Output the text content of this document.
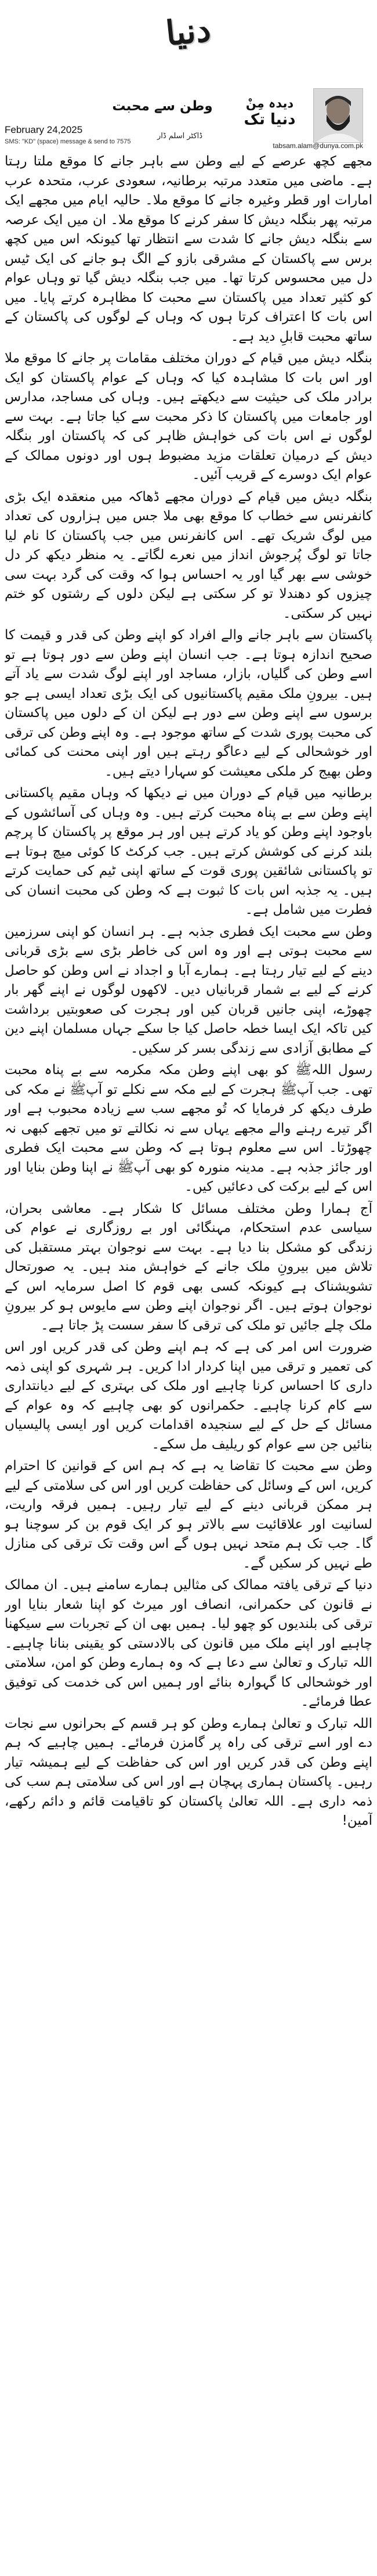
دنیا
دیدہ مِنْ
دنیا تک
وطن سے محبت
ڈاکٹر اسلم ڈار
February 24,2025
SMS: "KD" (space) message & send to 7575	tabsam.alam@dunya.com.pk

مجھے کچھ عرصے کے لیے وطن سے باہر جانے کا موقع ملتا رہتا ہے۔ ماضی میں متعدد مرتبہ برطانیہ، سعودی عرب، متحدہ عرب امارات اور قطر وغیرہ جانے کا موقع ملا۔ حالیہ ایام میں مجھے ایک مرتبہ پھر بنگلہ دیش کا سفر کرنے کا موقع ملا۔ ان میں ایک عرصہ سے بنگلہ دیش جانے کا شدت سے انتظار تھا کیونکہ اس میں کچھ برس سے پاکستان کے مشرقی بازو کے الگ ہو جانے کی ایک ٹیس دل میں محسوس کرتا تھا۔ میں جب بنگلہ دیش گیا تو وہاں عوام کو کثیر تعداد میں پاکستان سے محبت کا مظاہرہ کرتے پایا۔ میں اس بات کا اعتراف کرتا ہوں کہ وہاں کے لوگوں کی پاکستان کے ساتھ محبت قابلِ دید ہے۔

بنگلہ دیش میں قیام کے دوران مختلف مقامات پر جانے کا موقع ملا اور اس بات کا مشاہدہ کیا کہ وہاں کے عوام پاکستان کو ایک برادر ملک کی حیثیت سے دیکھتے ہیں۔ وہاں کی مساجد، مدارس اور جامعات میں پاکستان کا ذکر محبت سے کیا جاتا ہے۔ بہت سے لوگوں نے اس بات کی خواہش ظاہر کی کہ پاکستان اور بنگلہ دیش کے درمیان تعلقات مزید مضبوط ہوں اور دونوں ممالک کے عوام ایک دوسرے کے قریب آئیں۔

بنگلہ دیش میں قیام کے دوران مجھے ڈھاکہ میں منعقدہ ایک بڑی کانفرنس سے خطاب کا موقع بھی ملا جس میں ہزاروں کی تعداد میں لوگ شریک تھے۔ اس کانفرنس میں جب پاکستان کا نام لیا جاتا تو لوگ پُرجوش انداز میں نعرے لگاتے۔ یہ منظر دیکھ کر دل خوشی سے بھر گیا اور یہ احساس ہوا کہ وقت کی گرد بہت سی چیزوں کو دھندلا تو کر سکتی ہے لیکن دلوں کے رشتوں کو ختم نہیں کر سکتی۔

پاکستان سے باہر جانے والے افراد کو اپنے وطن کی قدر و قیمت کا صحیح اندازہ ہوتا ہے۔ جب انسان اپنے وطن سے دور ہوتا ہے تو اسے وطن کی گلیاں، بازار، مساجد اور اپنے لوگ شدت سے یاد آتے ہیں۔ بیرونِ ملک مقیم پاکستانیوں کی ایک بڑی تعداد ایسی ہے جو برسوں سے اپنے وطن سے دور ہے لیکن ان کے دلوں میں پاکستان کی محبت پوری شدت کے ساتھ موجود ہے۔ وہ اپنے وطن کی ترقی اور خوشحالی کے لیے دعاگو رہتے ہیں اور اپنی محنت کی کمائی وطن بھیج کر ملکی معیشت کو سہارا دیتے ہیں۔

برطانیہ میں قیام کے دوران میں نے دیکھا کہ وہاں مقیم پاکستانی اپنے وطن سے بے پناہ محبت کرتے ہیں۔ وہ وہاں کی آسائشوں کے باوجود اپنے وطن کو یاد کرتے ہیں اور ہر موقع پر پاکستان کا پرچم بلند کرنے کی کوشش کرتے ہیں۔ جب کرکٹ کا کوئی میچ ہوتا ہے تو پاکستانی شائقین پوری قوت کے ساتھ اپنی ٹیم کی حمایت کرتے ہیں۔ یہ جذبہ اس بات کا ثبوت ہے کہ وطن کی محبت انسان کی فطرت میں شامل ہے۔

وطن سے محبت ایک فطری جذبہ ہے۔ ہر انسان کو اپنی سرزمین سے محبت ہوتی ہے اور وہ اس کی خاطر بڑی سے بڑی قربانی دینے کے لیے تیار رہتا ہے۔ ہمارے آبا و اجداد نے اس وطن کو حاصل کرنے کے لیے بے شمار قربانیاں دیں۔ لاکھوں لوگوں نے اپنے گھر بار چھوڑے، اپنی جانیں قربان کیں اور ہجرت کی صعوبتیں برداشت کیں تاکہ ایک ایسا خطہ حاصل کیا جا سکے جہاں مسلمان اپنے دین کے مطابق آزادی سے زندگی بسر کر سکیں۔

رسول اللہﷺ کو بھی اپنے وطن مکہ مکرمہ سے بے پناہ محبت تھی۔ جب آپﷺ ہجرت کے لیے مکہ سے نکلے تو آپﷺ نے مکہ کی طرف دیکھ کر فرمایا کہ تُو مجھے سب سے زیادہ محبوب ہے اور اگر تیرے رہنے والے مجھے یہاں سے نہ نکالتے تو میں تجھے کبھی نہ چھوڑتا۔ اس سے معلوم ہوتا ہے کہ وطن سے محبت ایک فطری اور جائز جذبہ ہے۔ مدینہ منورہ کو بھی آپﷺ نے اپنا وطن بنایا اور اس کے لیے برکت کی دعائیں کیں۔

آج ہمارا وطن مختلف مسائل کا شکار ہے۔ معاشی بحران، سیاسی عدم استحکام، مہنگائی اور بے روزگاری نے عوام کی زندگی کو مشکل بنا دیا ہے۔ بہت سے نوجوان بہتر مستقبل کی تلاش میں بیرونِ ملک جانے کے خواہش مند ہیں۔ یہ صورتحال تشویشناک ہے کیونکہ کسی بھی قوم کا اصل سرمایہ اس کے نوجوان ہوتے ہیں۔ اگر نوجوان اپنے وطن سے مایوس ہو کر بیرونِ ملک چلے جائیں تو ملک کی ترقی کا سفر سست پڑ جاتا ہے۔

ضرورت اس امر کی ہے کہ ہم اپنے وطن کی قدر کریں اور اس کی تعمیر و ترقی میں اپنا کردار ادا کریں۔ ہر شہری کو اپنی ذمہ داری کا احساس کرنا چاہیے اور ملک کی بہتری کے لیے دیانتداری سے کام کرنا چاہیے۔ حکمرانوں کو بھی چاہیے کہ وہ عوام کے مسائل کے حل کے لیے سنجیدہ اقدامات کریں اور ایسی پالیسیاں بنائیں جن سے عوام کو ریلیف مل سکے۔

وطن سے محبت کا تقاضا یہ ہے کہ ہم اس کے قوانین کا احترام کریں، اس کے وسائل کی حفاظت کریں اور اس کی سلامتی کے لیے ہر ممکن قربانی دینے کے لیے تیار رہیں۔ ہمیں فرقہ واریت، لسانیت اور علاقائیت سے بالاتر ہو کر ایک قوم بن کر سوچنا ہو گا۔ جب تک ہم متحد نہیں ہوں گے اس وقت تک ترقی کی منازل طے نہیں کر سکیں گے۔

دنیا کے ترقی یافتہ ممالک کی مثالیں ہمارے سامنے ہیں۔ ان ممالک نے قانون کی حکمرانی، انصاف اور میرٹ کو اپنا شعار بنایا اور ترقی کی بلندیوں کو چھو لیا۔ ہمیں بھی ان کے تجربات سے سیکھنا چاہیے اور اپنے ملک میں قانون کی بالادستی کو یقینی بنانا چاہیے۔ اللہ تبارک و تعالیٰ سے دعا ہے کہ وہ ہمارے وطن کو امن، سلامتی اور خوشحالی کا گہوارہ بنائے اور ہمیں اس کی خدمت کی توفیق عطا فرمائے۔

اللہ تبارک و تعالیٰ ہمارے وطن کو ہر قسم کے بحرانوں سے نجات دے اور اسے ترقی کی راہ پر گامزن فرمائے۔ ہمیں چاہیے کہ ہم اپنے وطن کی قدر کریں اور اس کی حفاظت کے لیے ہمیشہ تیار رہیں۔ پاکستان ہماری پہچان ہے اور اس کی سلامتی ہم سب کی ذمہ داری ہے۔ اللہ تعالیٰ پاکستان کو تاقیامت قائم و دائم رکھے، آمین!
